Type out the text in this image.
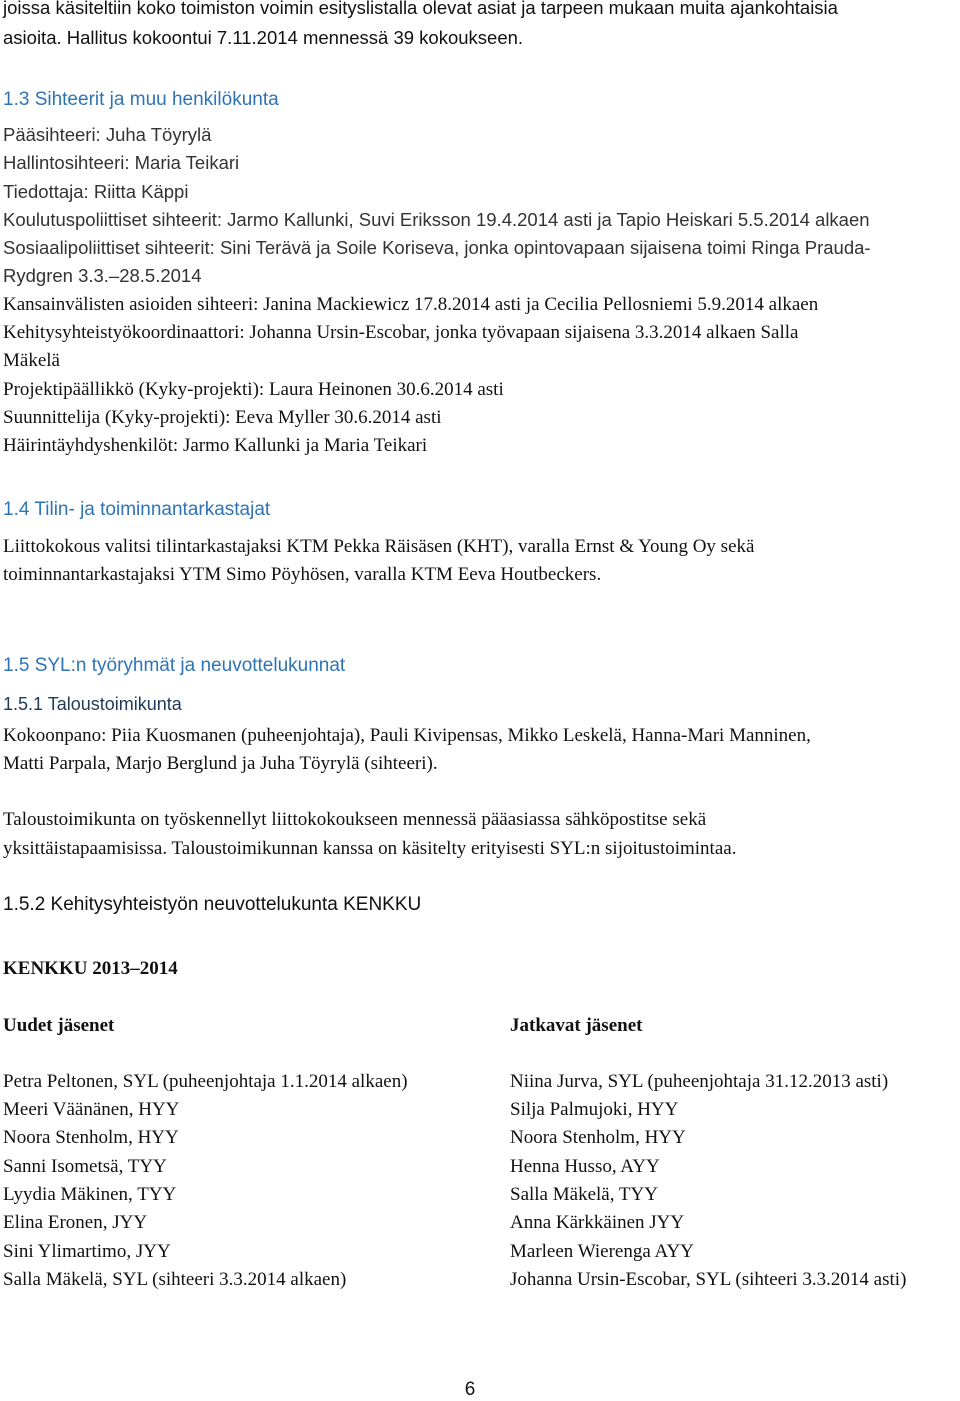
joissa käsiteltiin koko toimiston voimin esityslistalla olevat asiat ja tarpeen mukaan muita ajankohtaisia
asioita. Hallitus kokoontui 7.11.2014 mennessä 39 kokoukseen.
1.3 Sihteerit ja muu henkilökunta
Pääsihteeri: Juha Töyrylä
Hallintosihteeri: Maria Teikari
Tiedottaja: Riitta Käppi
Koulutuspoliittiset sihteerit: Jarmo Kallunki, Suvi Eriksson 19.4.2014 asti ja Tapio Heiskari 5.5.2014 alkaen
Sosiaalipoliittiset sihteerit: Sini Terävä ja Soile Koriseva, jonka opintovapaan sijaisena toimi Ringa Prauda-
Rydgren 3.3.–28.5.2014
Kansainvälisten asioiden sihteeri: Janina Mackiewicz 17.8.2014 asti ja Cecilia Pellosniemi 5.9.2014 alkaen
Kehitysyhteistyökoordinaattori: Johanna Ursin-Escobar, jonka työvapaan sijaisena 3.3.2014 alkaen Salla
Mäkelä
Projektipäällikkö (Kyky-projekti): Laura Heinonen 30.6.2014 asti
Suunnittelija (Kyky-projekti): Eeva Myller 30.6.2014 asti
Häirintäyhdyshenkilöt: Jarmo Kallunki ja Maria Teikari
1.4 Tilin- ja toiminnantarkastajat
Liittokokous valitsi tilintarkastajaksi KTM Pekka Räisäsen (KHT), varalla Ernst & Young Oy sekä
toiminnantarkastajaksi YTM Simo Pöyhösen, varalla KTM Eeva Houtbeckers.
1.5 SYL:n työryhmät ja neuvottelukunnat
1.5.1 Taloustoimikunta
Kokoonpano: Piia Kuosmanen (puheenjohtaja), Pauli Kivipensas, Mikko Leskelä, Hanna-Mari Manninen,
Matti Parpala, Marjo Berglund ja Juha Töyrylä (sihteeri).
Taloustoimikunta on työskennellyt liittokokoukseen mennessä pääasiassa sähköpostitse sekä
yksittäistapaamisissa. Taloustoimikunnan kanssa on käsitelty erityisesti SYL:n sijoitustoimintaa.
1.5.2 Kehitysyhteistyön neuvottelukunta KENKKU
KENKKU 2013–2014
Uudet jäsenet	Jatkavat jäsenet
Petra Peltonen, SYL (puheenjohtaja 1.1.2014 alkaen)
Meeri Väänänen, HYY
Noora Stenholm, HYY
Sanni Isometsä, TYY
Lyydia Mäkinen, TYY
Elina Eronen, JYY
Sini Ylimartimo, JYY
Salla Mäkelä, SYL (sihteeri 3.3.2014 alkaen)
Niina Jurva, SYL (puheenjohtaja 31.12.2013 asti)
Silja Palmujoki, HYY
Noora Stenholm, HYY
Henna Husso, AYY
Salla Mäkelä, TYY
Anna Kärkkäinen JYY
Marleen Wierenga AYY
Johanna Ursin-Escobar, SYL (sihteeri 3.3.2014 asti)
6
